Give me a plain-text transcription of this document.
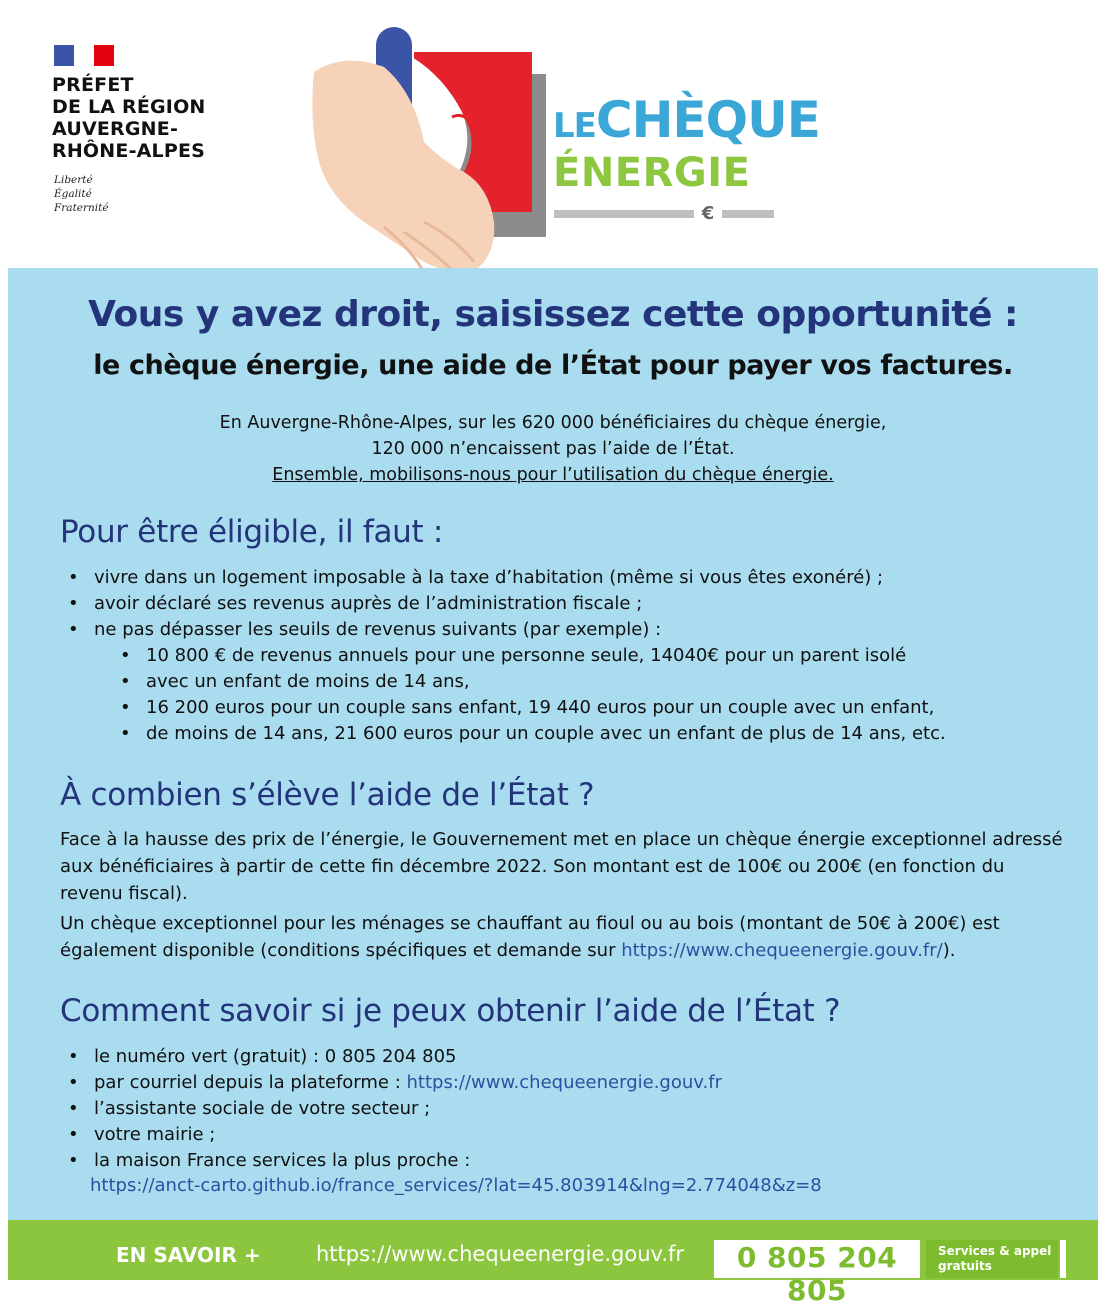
PRÉFET
DE LA RÉGION
AUVERGNE-
RHÔNE-ALPES
Liberté
Égalité
Fraternité	€
LECHÈQUE
ÉNERGIE
Vous y avez droit, saisissez cette opportunité :
le chèque énergie, une aide de l’État pour payer vos factures.
En Auvergne-Rhône-Alpes, sur les 620 000 bénéficiaires du chèque énergie,
120 000 n’encaissent pas l’aide de l’État.
Ensemble, mobilisons-nous pour l’utilisation du chèque énergie.
Pour être éligible, il faut :
• vivre dans un logement imposable à la taxe d’habitation (même si vous êtes exonéré) ;
• avoir déclaré ses revenus auprès de l’administration fiscale ;
• ne pas dépasser les seuils de revenus suivants (par exemple) :
• 10 800 € de revenus annuels pour une personne seule, 14040€ pour un parent isolé
• avec un enfant de moins de 14 ans,
• 16 200 euros pour un couple sans enfant, 19 440 euros pour un couple avec un enfant,
• de moins de 14 ans, 21 600 euros pour un couple avec un enfant de plus de 14 ans, etc.
À combien s’élève l’aide de l’État ?
Face à la hausse des prix de l’énergie, le Gouvernement met en place un chèque énergie exceptionnel adressé aux bénéficiaires à partir de cette fin décembre 2022. Son montant est de 100€ ou 200€ (en fonction du revenu fiscal).
Un chèque exceptionnel pour les ménages se chauffant au fioul ou au bois (montant de 50€ à 200€) est également disponible (conditions spécifiques et demande sur https://www.chequeenergie.gouv.fr/).
Comment savoir si je peux obtenir l’aide de l’État ?
• le numéro vert (gratuit) : 0 805 204 805
• par courriel depuis la plateforme : https://www.chequeenergie.gouv.fr
• l’assistante sociale de votre secteur ;
• votre mairie ;
• la maison France services la plus proche :
https://anct-carto.github.io/france_services/?lat=45.803914&lng=2.774048&z=8
EN SAVOIR +	https://www.chequeenergie.gouv.fr	0 805 204 805
Services & appel
gratuits
